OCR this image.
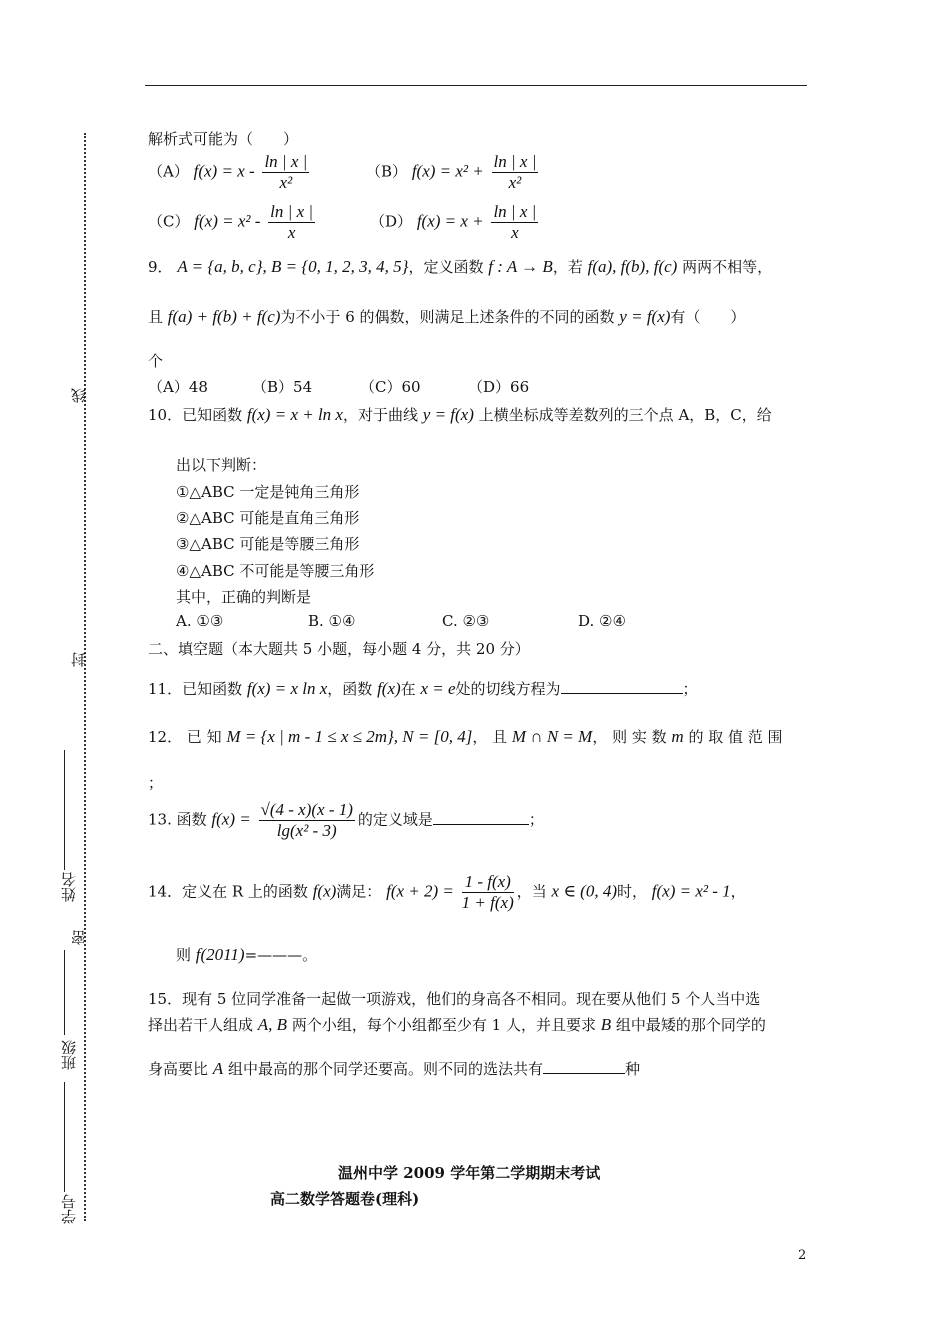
线
封
姓名
密
班级
学号
解析式可能为（　　）
（A） $f(x) = x - \frac{\ln | x |}{\text{x²}}$	（B） $f(x) = x^2 + \frac{\ln | x |}{\text{x²}}$
（C） $f(x) = x^2 - \frac{\ln | x |}{x}$	（D） $f(x) = x + \frac{\ln | x |}{x}$
9． A = {a, b, c}, B = {0, 1, 2, 3, 4, 5}，定义函数 f : A → B，若 f(a), f(b), f(c) 两两不相等，
且 f(a) + f(b) + f(c)为不小于 6 的偶数，则满足上述条件的不同的函数 y = f(x)有（　　）
个
（A）48	（B）54	（C）60	（D）66
10．已知函数 f(x) = x + ln x，对于曲线 y = f(x) 上横坐标成等差数列的三个点 A，B，C，给
出以下判断：
①△ABC 一定是钝角三角形
②△ABC 可能是直角三角形
③△ABC 可能是等腰三角形
④△ABC 不可能是等腰三角形
其中，正确的判断是
A. ①③	B. ①④	C. ②③	D. ②④
二、填空题（本大题共 5 小题，每小题 4 分，共 20 分）
11．已知函数 f(x) = x ln x，函数 f(x)在 x = e处的切线方程为	；
12． 已 知 M = {x | m - 1 ≤ x ≤ 2m}, N = [0, 4]， 且 M ∩ N = M， 则 实 数 m 的 取 值 范 围
；
13. 函数 $f(x) = \frac{√(4 - x)(x - 1)}{\text{lg(x² - 3)}}$ 的定义域是	；
14．定义在 R 上的函数 f(x)满足： $f(x + 2) = \frac{1 - f(x)}{1 + f(x)}$ ，当 x ∈ (0, 4)时， f(x) = x² - 1，
则 f(2011)=———。
15．现有 5 位同学准备一起做一项游戏，他们的身高各不相同。现在要从他们 5 个人当中选
择出若干人组成 A, B 两个小组，每个小组都至少有 1 人，并且要求 B 组中最矮的那个同学的
身高要比 A 组中最高的那个同学还要高。则不同的选法共有	种
温州中学 2009 学年第二学期期末考试
高二数学答题卷(理科)
2
